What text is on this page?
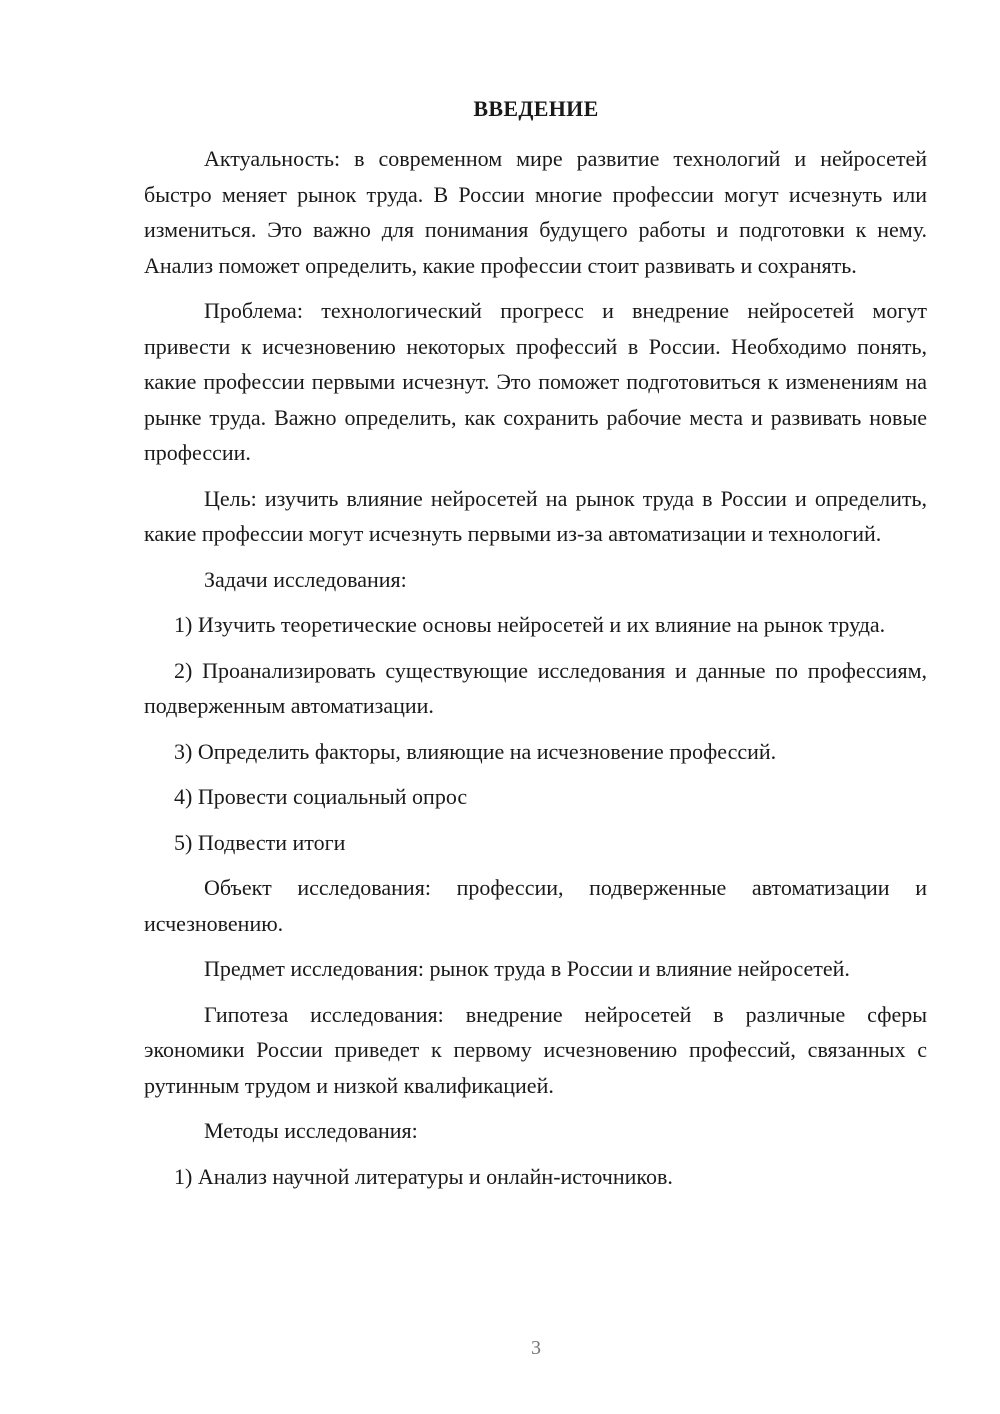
ВВЕДЕНИЕ

Актуальность: в современном мире развитие технологий и нейросетей быстро меняет рынок труда. В России многие профессии могут исчезнуть или измениться. Это важно для понимания будущего работы и подготовки к нему. Анализ поможет определить, какие профессии стоит развивать и сохранять.

Проблема: технологический прогресс и внедрение нейросетей могут привести к исчезновению некоторых профессий в России. Необходимо понять, какие профессии первыми исчезнут. Это поможет подготовиться к изменениям на рынке труда. Важно определить, как сохранить рабочие места и развивать новые профессии.

Цель: изучить влияние нейросетей на рынок труда в России и определить, какие профессии могут исчезнуть первыми из-за автоматизации и технологий.

Задачи исследования:

1) Изучить теоретические основы нейросетей и их влияние на рынок труда.

2) Проанализировать существующие исследования и данные по профессиям, подверженным автоматизации.

3) Определить факторы, влияющие на исчезновение профессий.

4) Провести социальный опрос

5) Подвести итоги

Объект исследования: профессии, подверженные автоматизации и исчезновению.

Предмет исследования: рынок труда в России и влияние нейросетей.

Гипотеза исследования: внедрение нейросетей в различные сферы экономики России приведет к первому исчезновению профессий, связанных с рутинным трудом и низкой квалификацией.

Методы исследования:

1) Анализ научной литературы и онлайн-источников.

3
